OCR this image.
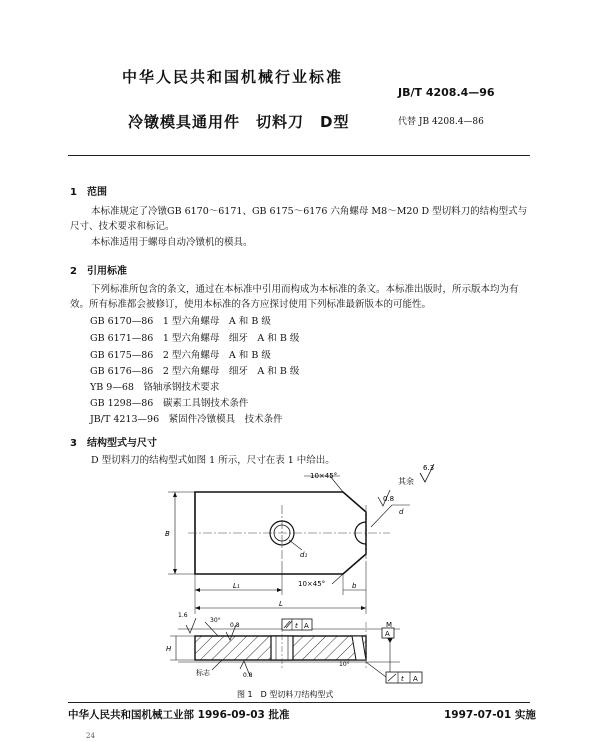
中华人民共和国机械行业标准
JB/T 4208.4—96
冷镦模具通用件　切料刀　D型	代替 JB 4208.4—86
1　范围
本标准规定了冷镦GB 6170～6171、GB 6175～6176 六角螺母 M8～M20 D 型切料刀的结构型式与尺寸、技术要求和标记。
本标准适用于螺母自动冷镦机的模具。
2　引用标准
下列标准所包含的条文，通过在本标准中引用而构成为本标准的条文。本标准出版时，所示版本均为有效。所有标准都会被修订，使用本标准的各方应探讨使用下列标准最新版本的可能性。
GB 6170—86　1 型六角螺母　A 和 B 级
GB 6171—86　1 型六角螺母　细牙　A 和 B 级
GB 6175—86　2 型六角螺母　A 和 B 级
GB 6176—86　2 型六角螺母　细牙　A 和 B 级
YB 9—68　铬轴承钢技术要求
GB 1298—86　碳素工具钢技术条件
JB/T 4213—96　紧固件冷镦模具　技术条件
3　结构型式与尺寸
D 型切料刀的结构型式如图 1 所示，尺寸在表 1 中给出。
10×45°
其余
6.3
0.8
d
d₁
B
L₁	10×45°	b
L
H
M
1.6
30°
0.8
0.8
10°
标志
t A
A
t A
图 1　D 型切料刀结构型式
中华人民共和国机械工业部 1996-09-03 批准	1997-07-01 实施
24
